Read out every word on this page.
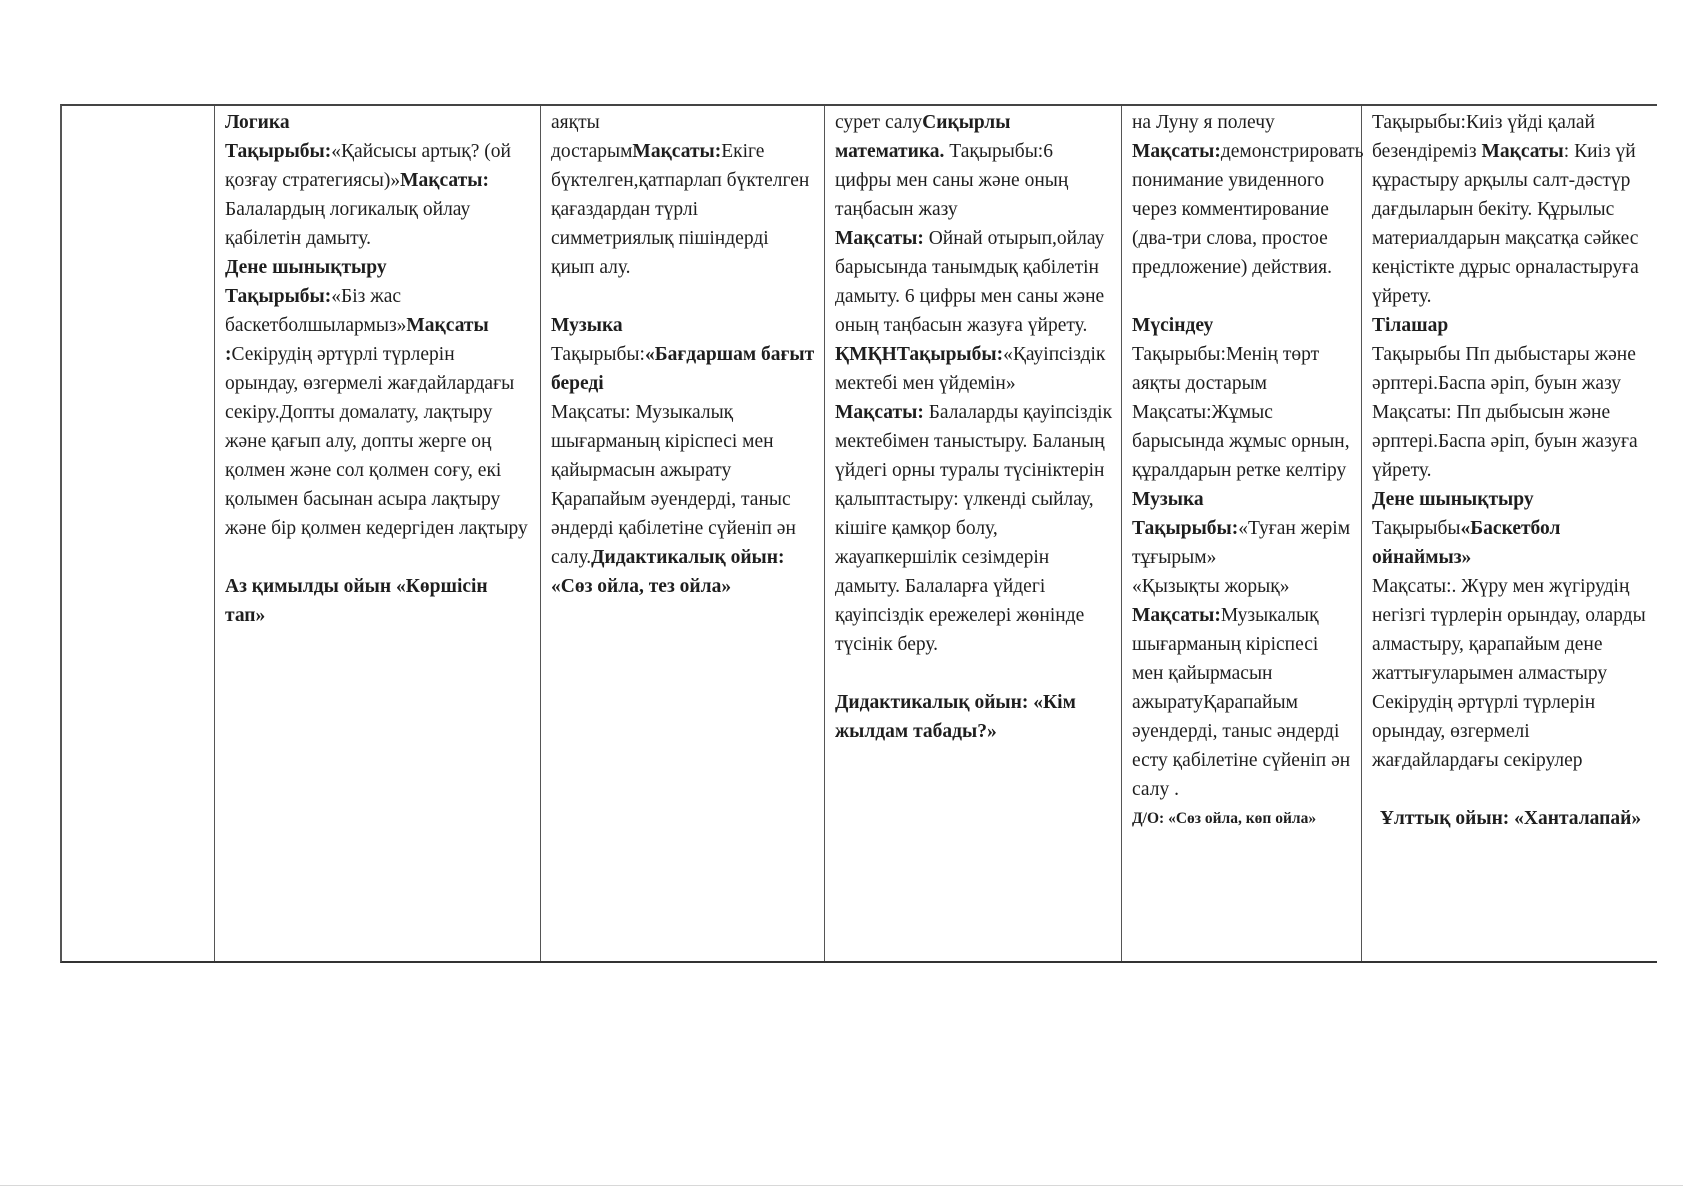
Логика

Тақырыбы:«Қайсысы артық? (ой қозғау стратегиясы)»Мақсаты:

Балалардың логикалық ойлау қабілетін дамыту.

Дене шынықтыру

Тақырыбы:«Біз жас баскетболшылармыз»Мақсаты

:Секірудің әртүрлі түрлерін орындау, өзгермелі жағдайлардағы секіру.Допты домалату, лақтыру және қағып алу, допты жерге оң қолмен және сол қолмен соғу, екі қолымен басынан асыра лақтыру және бір қолмен кедергіден лақтыру

Аз қимылды ойын «Көршісін тап»

аяқты

достарымМақсаты:Екіге бүктелген,қатпарлап бүктелген қағаздардан түрлі симметриялық пішіндерді қиып алу.

Музыка

Тақырыбы:«Бағдаршам бағыт береді

Мақсаты: Музыкалық шығарманың кіріспесі мен қайырмасын ажырату Қарапайым әуендерді, таныс әндерді қабілетіне сүйеніп ән салу.Дидактикалық ойын: «Сөз ойла, тез ойла»

сурет салуСиқырлы математика. Тақырыбы:6 цифры мен саны және оның таңбасын жазу

Мақсаты: Ойнай отырып,ойлау барысында танымдық қабілетін дамыту. 6 цифры мен саны және оның таңбасын жазуға үйрету.

ҚМҚНТақырыбы:«Қауіпсіздік мектебі мен үйдемін»

Мақсаты: Балаларды қауіпсіздік мектебімен таныстыру. Баланың үйдегі орны туралы түсініктерін қалыптастыру: үлкенді сыйлау, кішіге қамқор болу, жауапкершілік сезімдерін дамыту. Балаларға үйдегі қауіпсіздік ережелері жөнінде түсінік беру.

Дидактикалық ойын: «Кім жылдам табады?»

на Луну я полечу

Мақсаты:демонстрировать понимание увиденного через комментирование (два-три слова, простое предложение) действия.

Мүсіндеу

Тақырыбы:Менің төрт аяқты достарым

Мақсаты:Жұмыс барысында жұмыс орнын, құралдарын ретке келтіру

Музыка

Тақырыбы:«Туған жерім тұғырым»

«Қызықты жорық»

Мақсаты:Музыкалық шығарманың кіріспесі мен қайырмасын ажыратуҚарапайым әуендерді, таныс әндерді есту қабілетіне сүйеніп ән салу .

Д/О: «Сөз ойла, көп ойла»

Тақырыбы:Киіз үйді қалай безендіреміз Мақсаты: Киіз үй құрастыру арқылы салт-дәстүр дағдыларын бекіту. Құрылыс материалдарын мақсатқа сәйкес кеңістікте дұрыс орналастыруға үйрету.

Тілашар

Тақырыбы Пп дыбыстары және әрптері.Баспа әріп, буын жазу

Мақсаты: Пп дыбысын және әрптері.Баспа әріп, буын жазуға үйрету.

Дене шынықтыру

Тақырыбы«Баскетбол ойнаймыз»

Мақсаты:. Жүру мен жүгірудің негізгі түрлерін орындау, оларды алмастыру, қарапайым дене жаттығуларымен алмастыру Секірудің әртүрлі түрлерін орындау, өзгермелі жағдайлардағы секірулер

Ұлттық ойын: «Ханталапай»
